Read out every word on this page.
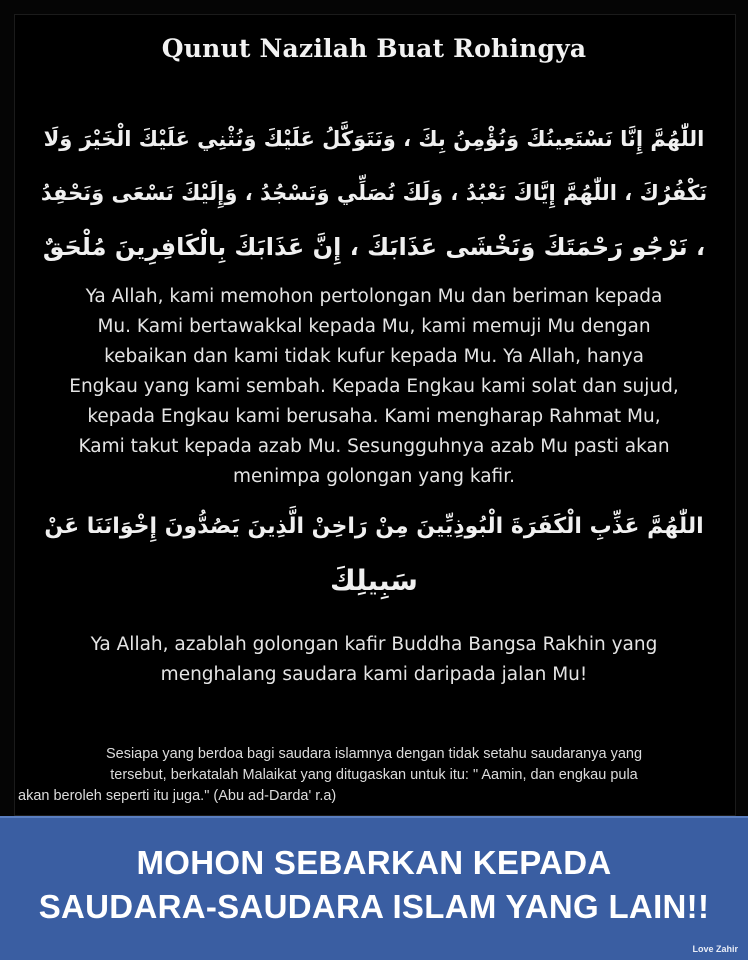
Qunut Nazilah Buat Rohingya
اللّٰهُمَّ إِنَّا نَسْتَعِينُكَ وَنُؤْمِنُ بِكَ ، وَنَتَوَكَّلُ عَلَيْكَ وَنُثْنِي عَلَيْكَ الْخَيْرَ وَلَا
نَكْفُرُكَ ، اللّٰهُمَّ إِيَّاكَ نَعْبُدُ ، وَلَكَ نُصَلِّي وَنَسْجُدُ ، وَإِلَيْكَ نَسْعَى وَنَحْفِدُ
، نَرْجُو رَحْمَتَكَ وَنَخْشَى عَذَابَكَ ، إِنَّ عَذَابَكَ بِالْكَافِرِينَ مُلْحَقٌ
Ya Allah, kami memohon pertolongan Mu dan beriman kepada
Mu. Kami bertawakkal kepada Mu, kami memuji Mu dengan
kebaikan dan kami tidak kufur kepada Mu. Ya Allah, hanya
Engkau yang kami sembah. Kepada Engkau kami solat dan sujud,
kepada Engkau kami berusaha. Kami mengharap Rahmat Mu,
Kami takut kepada azab Mu. Sesungguhnya azab Mu pasti akan
menimpa golongan yang kafir.
اللّٰهُمَّ عَذِّبِ الْكَفَرَةَ الْبُوذِيِّينَ مِنْ رَاخِنْ الَّذِينَ يَصُدُّونَ إِخْوَانَنَا عَنْ
سَبِيلِكَ
Ya Allah, azablah golongan kafir Buddha Bangsa Rakhin yang
menghalang saudara kami daripada jalan Mu!
Sesiapa yang berdoa bagi saudara islamnya dengan tidak setahu saudaranya yang
tersebut, berkatalah Malaikat yang ditugaskan untuk itu: " Aamin, dan engkau pula
akan beroleh seperti itu juga." (Abu ad-Darda' r.a)
MOHON SEBARKAN KEPADA
SAUDARA-SAUDARA ISLAM YANG LAIN!!
Love Zahir
